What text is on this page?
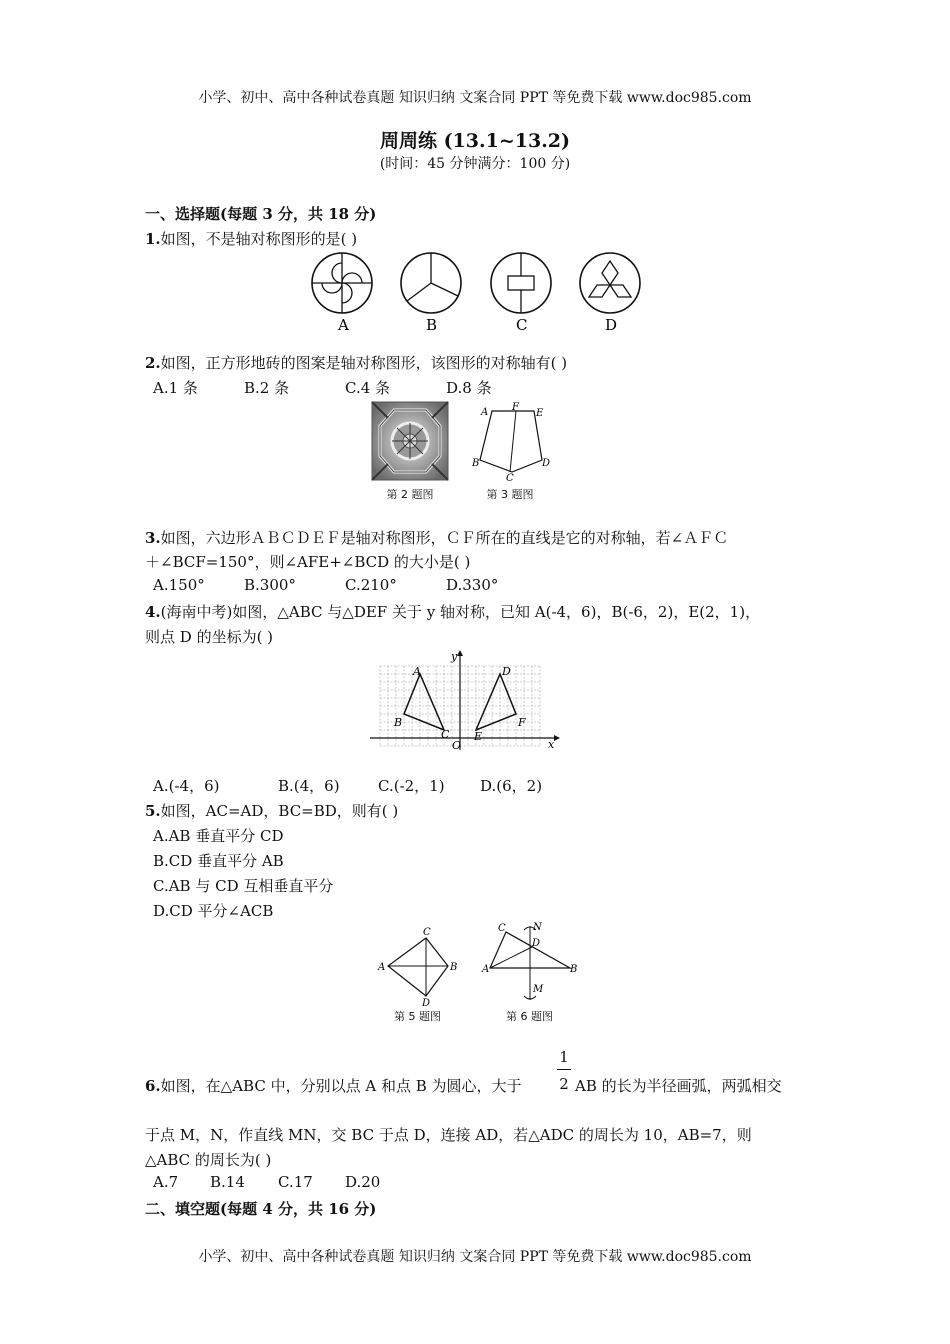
小学、初中、高中各种试卷真题 知识归纳 文案合同 PPT 等免费下载 www.doc985.com
周周练 (13.1~13.2)
(时间：45 分钟满分：100 分)
一、选择题(每题 3 分，共 18 分)
1.如图，不是轴对称图形的是( )
A	B	C	D
2.如图，正方形地砖的图案是轴对称图形，该图形的对称轴有( )
A.1 条	B.2 条	C.4 条	D.8 条
第 2 题图
A F
E
B
C
D
第 3 题图
3.如图，六边形ＡＢＣＤＥＦ是轴对称图形，ＣＦ所在的直线是它的对称轴，若∠ＡＦＣ
＋∠BCF=150°，则∠AFE+∠BCD 的大小是( )
A.150°	B.300°	C.210°	D.330°
4.(海南中考)如图，△ABC 与△DEF 关于 y 轴对称，已知 A(-4，6)，B(-6，2)，E(2，1)，
则点 D 的坐标为( )
y
x
O
A
B
C
D
E
F
A.(-4，6)	B.(4，6)	C.(-2，1) D.(6，2)
5.如图，AC=AD，BC=BD，则有( )
A.AB 垂直平分 CD
B.CD 垂直平分 AB
C.AB 与 CD 互相垂直平分
D.CD 平分∠ACB
C
A	B
D
第 5 题图
C	N
D
A	B
M
第 6 题图
1
6.如图，在△ABC 中，分别以点 A 和点 B 为圆心，大于	2 AB 的长为半径画弧，两弧相交
于点 M，N，作直线 MN，交 BC 于点 D，连接 AD，若△ADC 的周长为 10，AB=7，则
△ABC 的周长为( )
A.7 B.14 C.17 D.20
二、填空题(每题 4 分，共 16 分)
小学、初中、高中各种试卷真题 知识归纳 文案合同 PPT 等免费下载 www.doc985.com
